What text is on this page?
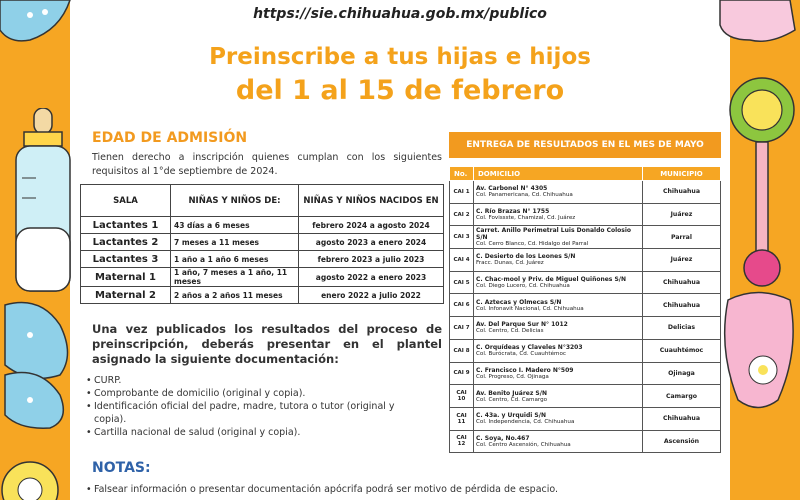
https://sie.chihuahua.gob.mx/publico
Preinscribe a tus hijas e hijos
del 1 al 15 de febrero
EDAD DE ADMISIÓN
Tienen derecho a inscripción quienes cumplan con los siguientes requisitos al 1°de septiembre de 2024.
SALA	NIÑAS Y NIÑOS DE:	NIÑAS Y NIÑOS NACIDOS EN
Lactantes 1	43 días a 6 meses	febrero 2024 a agosto 2024
Lactantes 2	7 meses a 11 meses	agosto 2023 a enero 2024
Lactantes 3	1 año a 1 año 6 meses	febrero 2023 a julio 2023
Maternal 1	1 año, 7 meses a 1 año, 11 meses	agosto 2022 a enero 2023
Maternal 2	2 años a 2 años 11 meses	enero 2022 a julio 2022
Una vez publicados los resultados del proceso de preinscripción, deberás presentar en el plantel asignado la siguiente documentación:
• CURP.
• Comprobante de domicilio (original y copia).
• Identificación oficial del padre, madre, tutora o tutor (original y copia).
• Cartilla nacional de salud (original y copia).
NOTAS:
• Falsear información o presentar documentación apócrifa podrá ser motivo de pérdida de espacio.
ENTREGA DE RESULTADOS EN EL MES DE MAYO
No.	DOMICILIO	MUNICIPIO
CAI 1	Av. Carbonel N° 4305
Col. Panamericana, Cd. Chihuahua	Chihuahua
CAI 2	C. Río Brazas N° 1755
Col. Fovissste, Chamizal, Cd. Juárez	Juárez
CAI 3	Carret. Anillo Perimetral Luis Donaldo Colosio S/N
Col. Cerro Blanco, Cd. Hidalgo del Parral	Parral
CAI 4	C. Desierto de los Leones S/N
Fracc. Dunas, Cd. Juárez	Juárez
CAI 5	C. Chac-mool y Priv. de Miguel Quiñones S/N
Col. Diego Lucero, Cd. Chihuahua	Chihuahua
CAI 6	C. Aztecas y Olmecas S/N
Col. Infonavit Nacional, Cd. Chihuahua	Chihuahua
CAI 7	Av. Del Parque Sur N° 1012
Col. Centro, Cd. Delicias	Delicias
CAI 8	C. Orquídeas y Claveles N°3203
Col. Burócrata, Cd. Cuauhtémoc	Cuauhtémoc
CAI 9	C. Francisco I. Madero N°509
Col. Progreso, Cd. Ojinaga	Ojinaga
CAI 10	Av. Benito Juárez S/N
Col. Centro, Cd. Camargo	Camargo
CAI 11	C. 43a. y Urquidi S/N
Col. Independencia, Cd. Chihuahua	Chihuahua
CAI 12	C. Soya, No.467
Col. Centro Ascensión, Chihuahua	Ascensión
